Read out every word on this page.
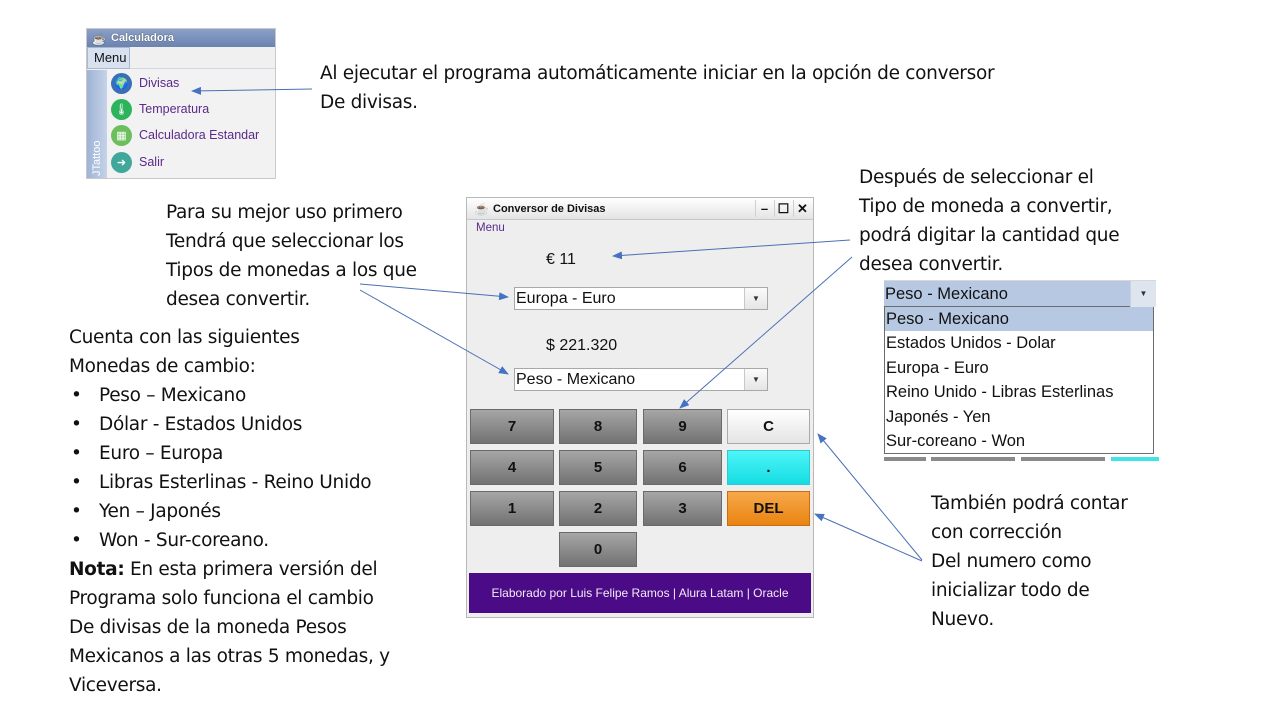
☕ Calculadora
Menu
JTattoo
🌍 Divisas
🌡 Temperatura
▦ Calculadora Estandar
➜	Salir
Al ejecutar el programa automáticamente iniciar en la opción de conversor
De divisas.
Para su mejor uso primero
Tendrá que seleccionar los
Tipos de monedas a los que
desea convertir.
Cuenta con las siguientes
Monedas de cambio:
• Peso – Mexicano
• Dólar - Estados Unidos
• Euro – Europa
• Libras Esterlinas - Reino Unido
• Yen – Japonés
• Won - Sur-coreano.
Nota: En esta primera versión del
Programa solo funciona el cambio
De divisas de la moneda Pesos
Mexicanos a las otras 5 monedas, y
Viceversa.
☕ Conversor de Divisas	– ☐ ✕
Menu
€ 11
Europa - Euro	▼
$ 221.320
Peso - Mexicano	▼
7	8	9	C
4	5	6	.
1	2	3	DEL
0
Elaborado por Luis Felipe Ramos | Alura Latam | Oracle
Después de seleccionar el
Tipo de moneda a convertir,
podrá digitar la cantidad que
desea convertir.
Peso - Mexicano	▼
Peso - Mexicano
Estados Unidos - Dolar
Europa - Euro
Reino Unido - Libras Esterlinas
Japonés - Yen
Sur-coreano - Won
También podrá contar
con corrección
Del numero como
inicializar todo de
Nuevo.
